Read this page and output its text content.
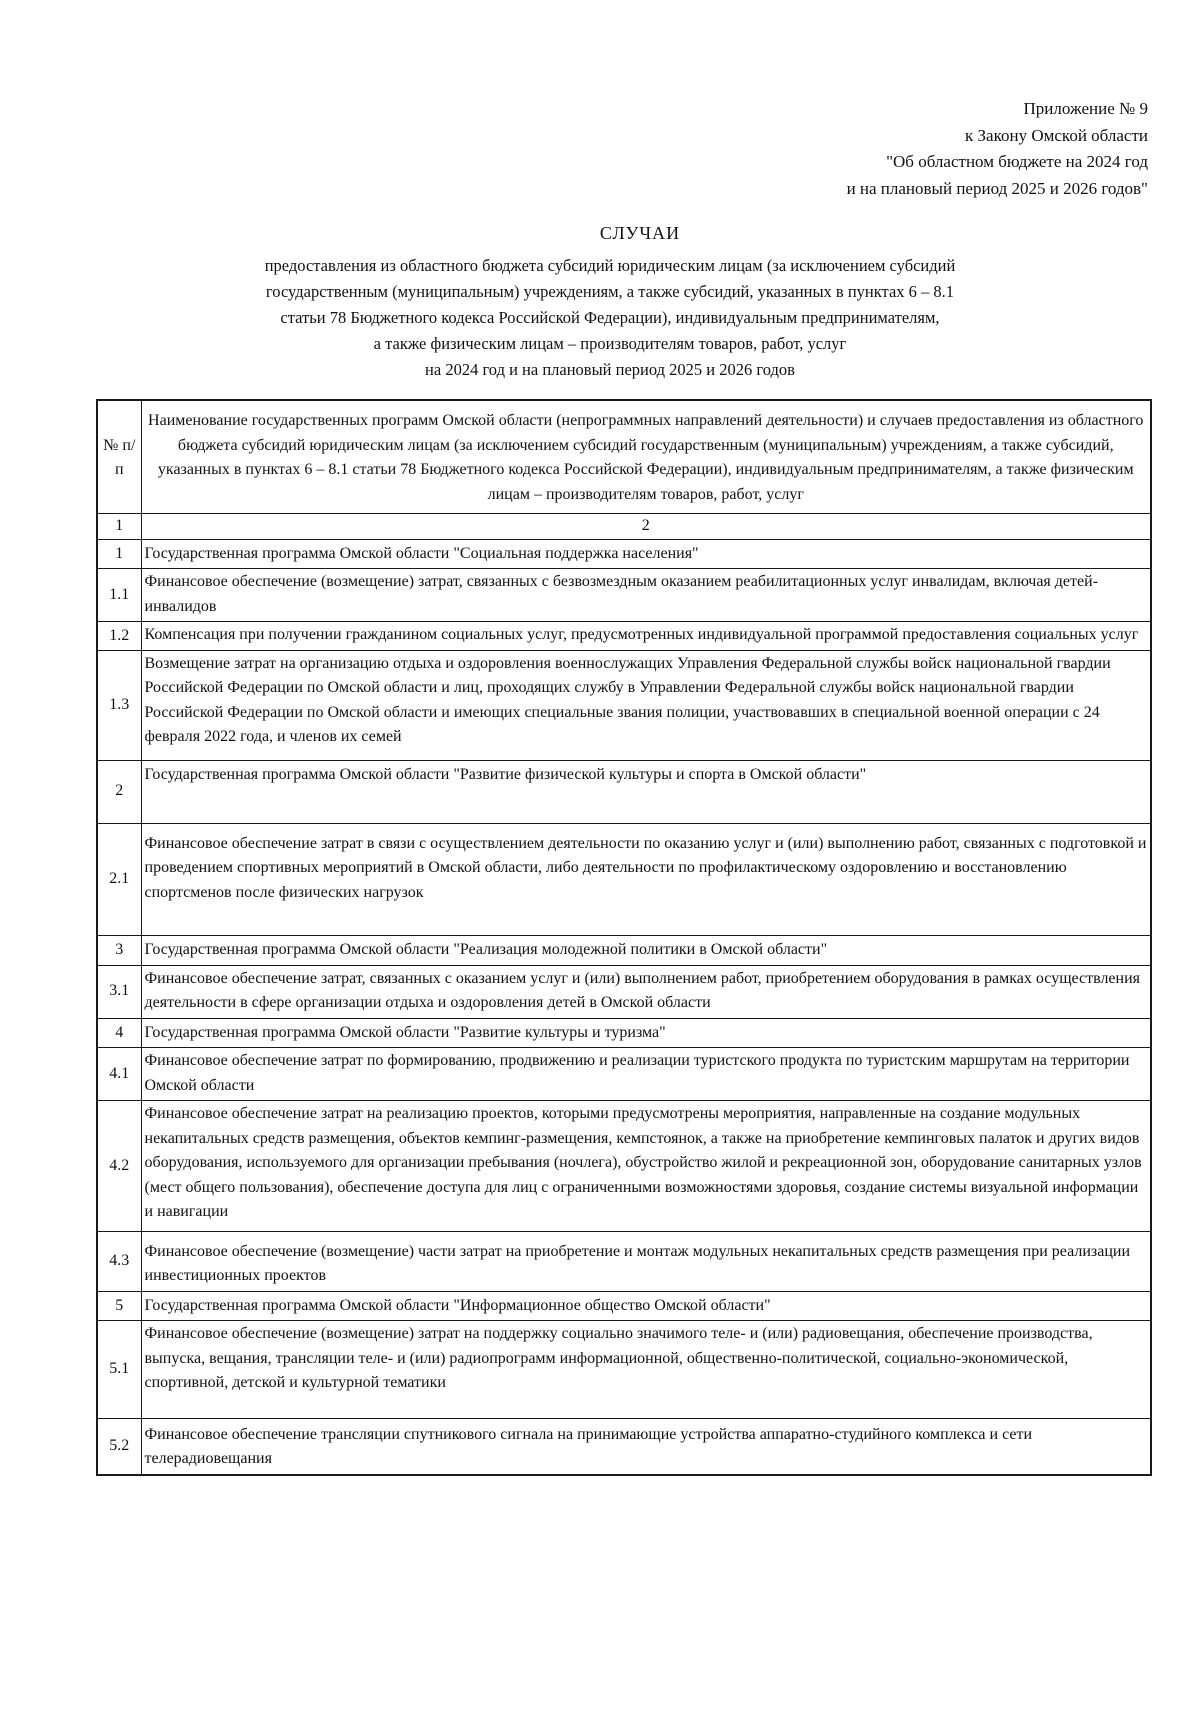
Приложение № 9
к Закону Омской области
"Об областном бюджете на 2024 год
и на плановый период 2025 и 2026 годов"
СЛУЧАИ
предоставления из областного бюджета субсидий юридическим лицам (за исключением субсидий
государственным (муниципальным) учреждениям, а также субсидий, указанных в пунктах 6 – 8.1
статьи 78 Бюджетного кодекса Российской Федерации), индивидуальным предпринимателям,
а также физическим лицам – производителям товаров, работ, услуг
на 2024 год и на плановый период 2025 и 2026 годов
№ п/п	Наименование государственных программ Омской области (непрограммных направлений деятельности) и случаев предоставления из областного бюджета субсидий юридическим лицам (за исключением субсидий государственным (муниципальным) учреждениям, а также субсидий, указанных в пунктах 6 – 8.1 статьи 78 Бюджетного кодекса Российской Федерации), индивидуальным предпринимателям, а также физическим лицам – производителям товаров, работ, услуг
1	2
1	Государственная программа Омской области "Социальная поддержка населения"
1.1	Финансовое обеспечение (возмещение) затрат, связанных с безвозмездным оказанием реабилитационных услуг инвалидам, включая детей-инвалидов
1.2	Компенсация при получении гражданином социальных услуг, предусмотренных индивидуальной программой предоставления социальных услуг
1.3	Возмещение затрат на организацию отдыха и оздоровления военнослужащих Управления Федеральной службы войск национальной гвардии Российской Федерации по Омской области и лиц, проходящих службу в Управлении Федеральной службы войск национальной гвардии Российской Федерации по Омской области и имеющих специальные звания полиции, участвовавших в специальной военной операции с 24 февраля 2022 года, и членов их семей
2	Государственная программа Омской области "Развитие физической культуры и спорта в Омской области"
2.1	Финансовое обеспечение затрат в связи с осуществлением деятельности по оказанию услуг и (или) выполнению работ, связанных с подготовкой и проведением спортивных мероприятий в Омской области, либо деятельности по профилактическому оздоровлению и восстановлению спортсменов после физических нагрузок
3	Государственная программа Омской области "Реализация молодежной политики в Омской области"
3.1	Финансовое обеспечение затрат, связанных с оказанием услуг и (или) выполнением работ, приобретением оборудования в рамках осуществления деятельности в сфере организации отдыха и оздоровления детей в Омской области
4	Государственная программа Омской области "Развитие культуры и туризма"
4.1	Финансовое обеспечение затрат по формированию, продвижению и реализации туристского продукта по туристским маршрутам на территории Омской области
4.2	Финансовое обеспечение затрат на реализацию проектов, которыми предусмотрены мероприятия, направленные на создание модульных некапитальных средств размещения, объектов кемпинг-размещения, кемпстоянок, а также на приобретение кемпинговых палаток и других видов оборудования, используемого для организации пребывания (ночлега), обустройство жилой и рекреационной зон, оборудование санитарных узлов (мест общего пользования), обеспечение доступа для лиц с ограниченными возможностями здоровья, создание системы визуальной информации и навигации
4.3	Финансовое обеспечение (возмещение) части затрат на приобретение и монтаж модульных некапитальных средств размещения при реализации инвестиционных проектов
5	Государственная программа Омской области "Информационное общество Омской области"
5.1	Финансовое обеспечение (возмещение) затрат на поддержку социально значимого теле- и (или) радиовещания, обеспечение производства, выпуска, вещания, трансляции теле- и (или) радиопрограмм информационной, общественно-политической, социально-экономической, спортивной, детской и культурной тематики
5.2	Финансовое обеспечение трансляции спутникового сигнала на принимающие устройства аппаратно-студийного комплекса и сети телерадиовещания
